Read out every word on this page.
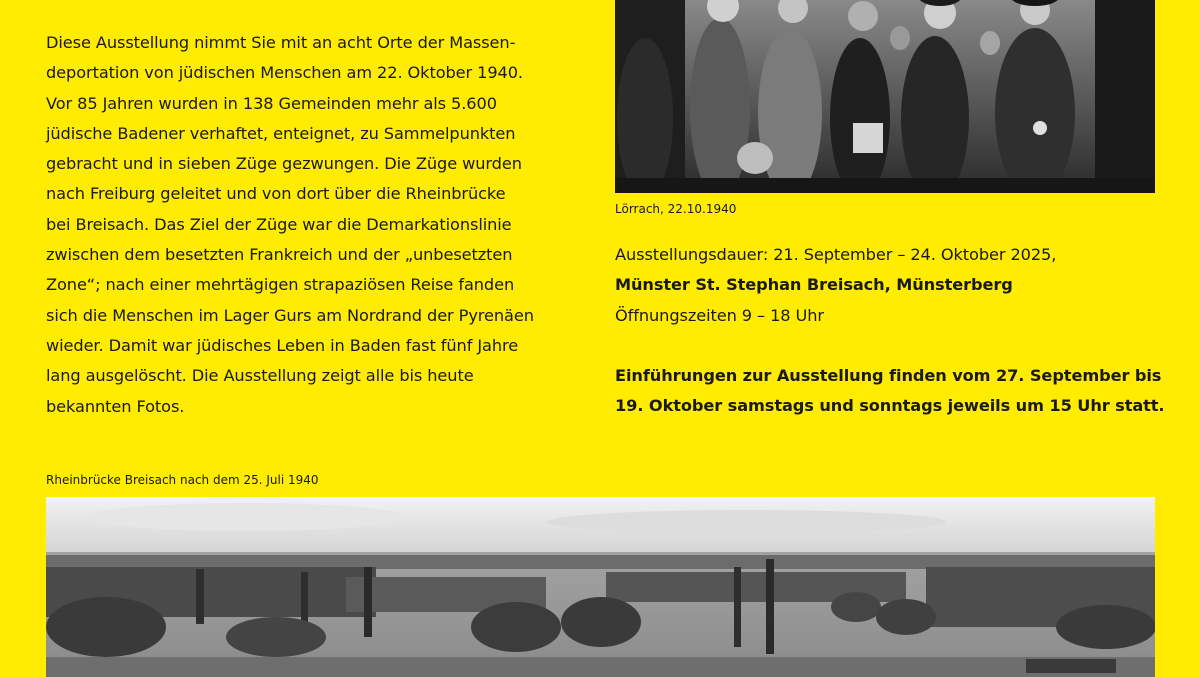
Diese Ausstellung nimmt Sie mit an acht Orte der Massen-

deportation von jüdischen Menschen am 22. Oktober 1940.

Vor 85 Jahren wurden in 138 Gemeinden mehr als 5.600

jüdische Badener verhaftet, enteignet, zu Sammelpunkten

gebracht und in sieben Züge gezwungen. Die Züge wurden

nach Freiburg geleitet und von dort über die Rheinbrücke

bei Breisach. Das Ziel der Züge war die Demarkationslinie

zwischen dem besetzten Frankreich und der „unbesetzten

Zone“; nach einer mehrtägigen strapaziösen Reise fanden

sich die Menschen im Lager Gurs am Nordrand der Pyrenäen

wieder. Damit war jüdisches Leben in Baden fast fünf Jahre

lang ausgelöscht. Die Ausstellung zeigt alle bis heute

bekannten Fotos.

Lörrach, 22.10.1940

Ausstellungsdauer: 21. September – 24. Oktober 2025,

Münster St. Stephan Breisach, Münsterberg

Öffnungszeiten 9 – 18 Uhr

Einführungen zur Ausstellung finden vom 27. September bis

19. Oktober samstags und sonntags jeweils um 15 Uhr statt.

Rheinbrücke Breisach nach dem 25. Juli 1940
